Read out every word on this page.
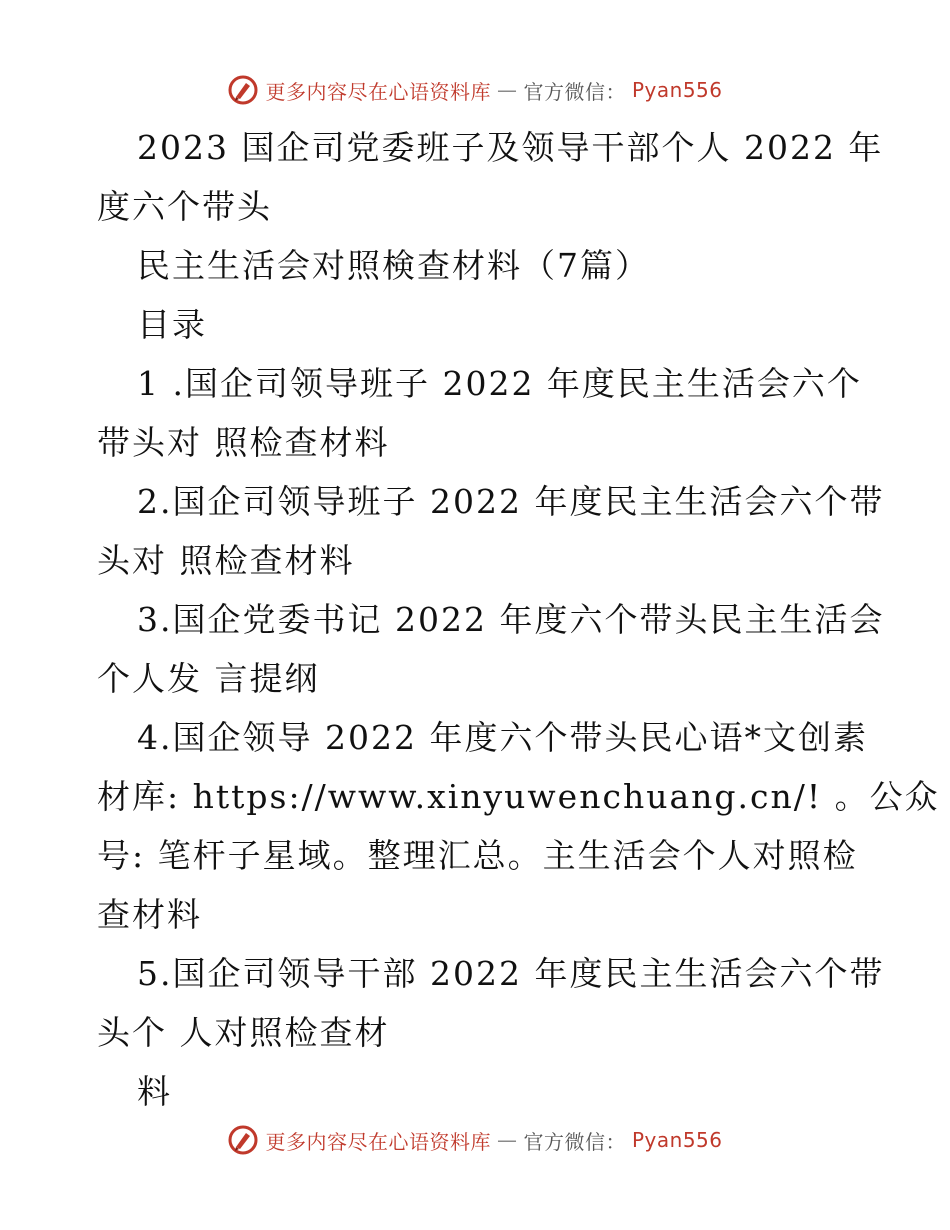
更多内容尽在心语资料库 — 官方微信： Pyan556
2023 国企司党委班子及领导干部个人 2022 年
度六个带头
民主生活会对照検查材料（7篇）
目录
1 .国企司领导班子 2022 年度民主生活会六个
带头对 照检查材料
2.国企司领导班子 2022 年度民主生活会六个带
头对 照检查材料
3.国企党委书记 2022 年度六个带头民主生活会
个人发 言提纲
4.国企领导 2022 年度六个带头民心语*文创素
材库: https://www.xinyuwenchuang.cn/! 。公众
号: 笔杆子星域。整理汇总。主生活会个人对照检
查材料
5.国企司领导干部 2022 年度民主生活会六个带
头个 人对照检查材
料
更多内容尽在心语资料库 — 官方微信： Pyan556
